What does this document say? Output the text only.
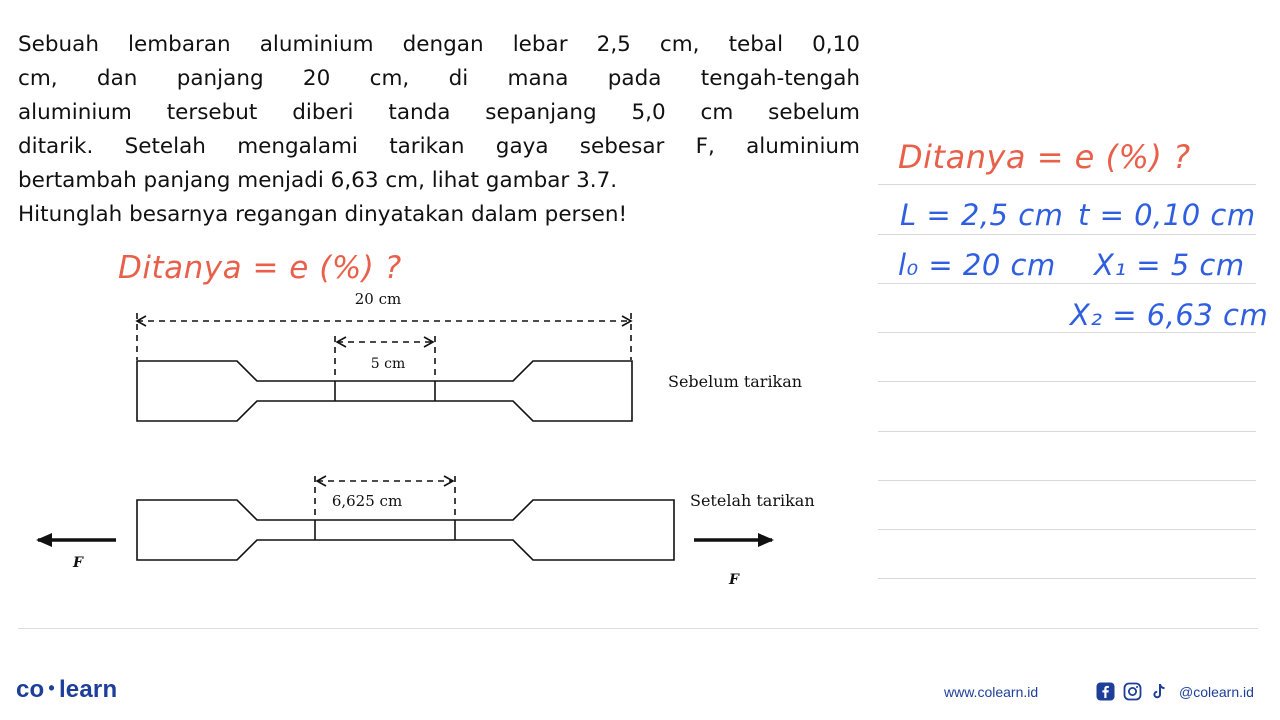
Sebuah lembaran aluminium dengan lebar 2,5 cm, tebal 0,10
cm, dan panjang 20 cm, di mana pada tengah-tengah
aluminium tersebut diberi tanda sepanjang 5,0 cm sebelum
ditarik. Setelah mengalami tarikan gaya sebesar F, aluminium
bertambah panjang menjadi 6,63 cm, lihat gambar 3.7.
Hitunglah besarnya regangan dinyatakan dalam persen!
Ditanya = e (%) ?
Ditanya = e (%) ?
L = 2,5 cm t = 0,10 cm
l₀ = 20 cm X₁ = 5 cm
X₂ = 6,63 cm
20 cm
5 cm
Sebelum tarikan
6,625 cm	Setelah tarikan
F
F
co • learn	www.colearn.id	@colearn.id
